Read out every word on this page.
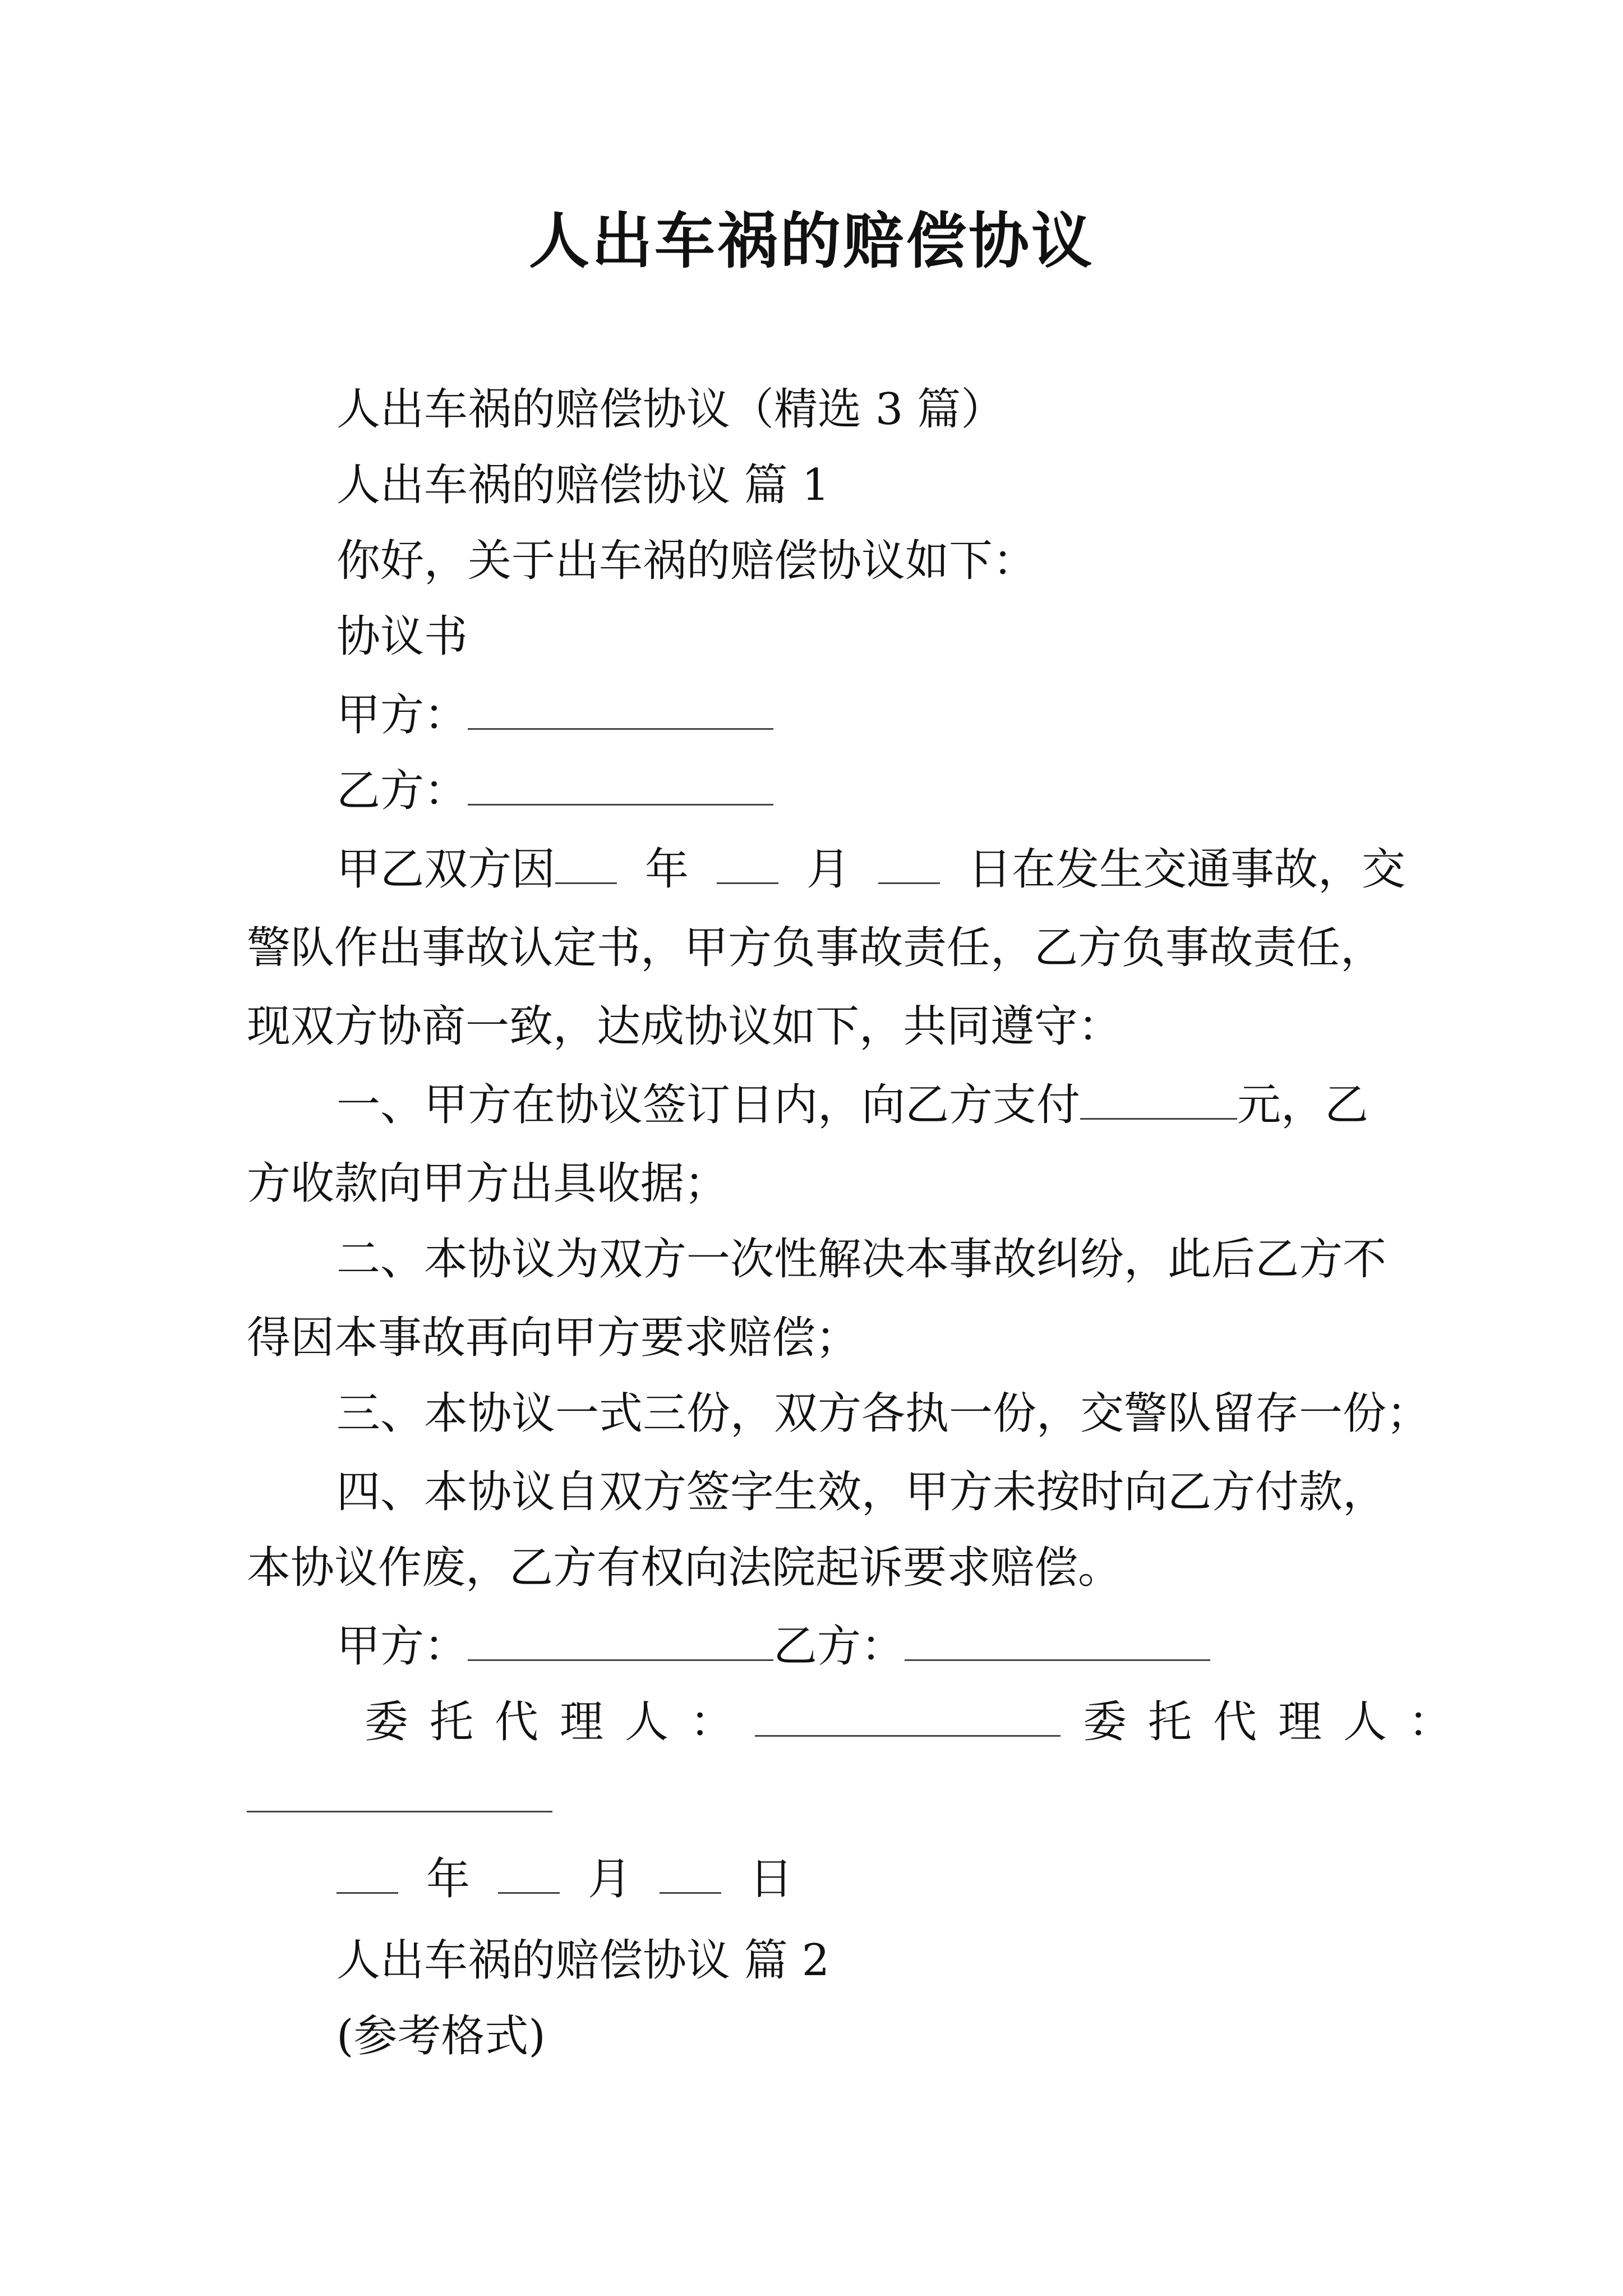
人出车祸的赔偿协议
人出车祸的赔偿协议（精选 3 篇）
人出车祸的赔偿协议 篇 1
你好，关于出车祸的赔偿协议如下：
协议书
甲方：
乙方：
甲乙双方因 年	月	日在发生交通事故，交
警队作出事故认定书，甲方负事故责任，乙方负事故责任，
现双方协商一致，达成协议如下，共同遵守：
一、甲方在协议签订日内，向乙方支付	元，乙
方收款向甲方出具收据；
二、本协议为双方一次性解决本事故纠纷，此后乙方不
得因本事故再向甲方要求赔偿；
三、本协议一式三份，双方各执一份，交警队留存一份；
四、本协议自双方签字生效，甲方未按时向乙方付款，
本协议作废，乙方有权向法院起诉要求赔偿。
甲方：	乙方：
委托代理人：	委托代理人：
年	月	日
人出车祸的赔偿协议 篇 2
(参考格式)
